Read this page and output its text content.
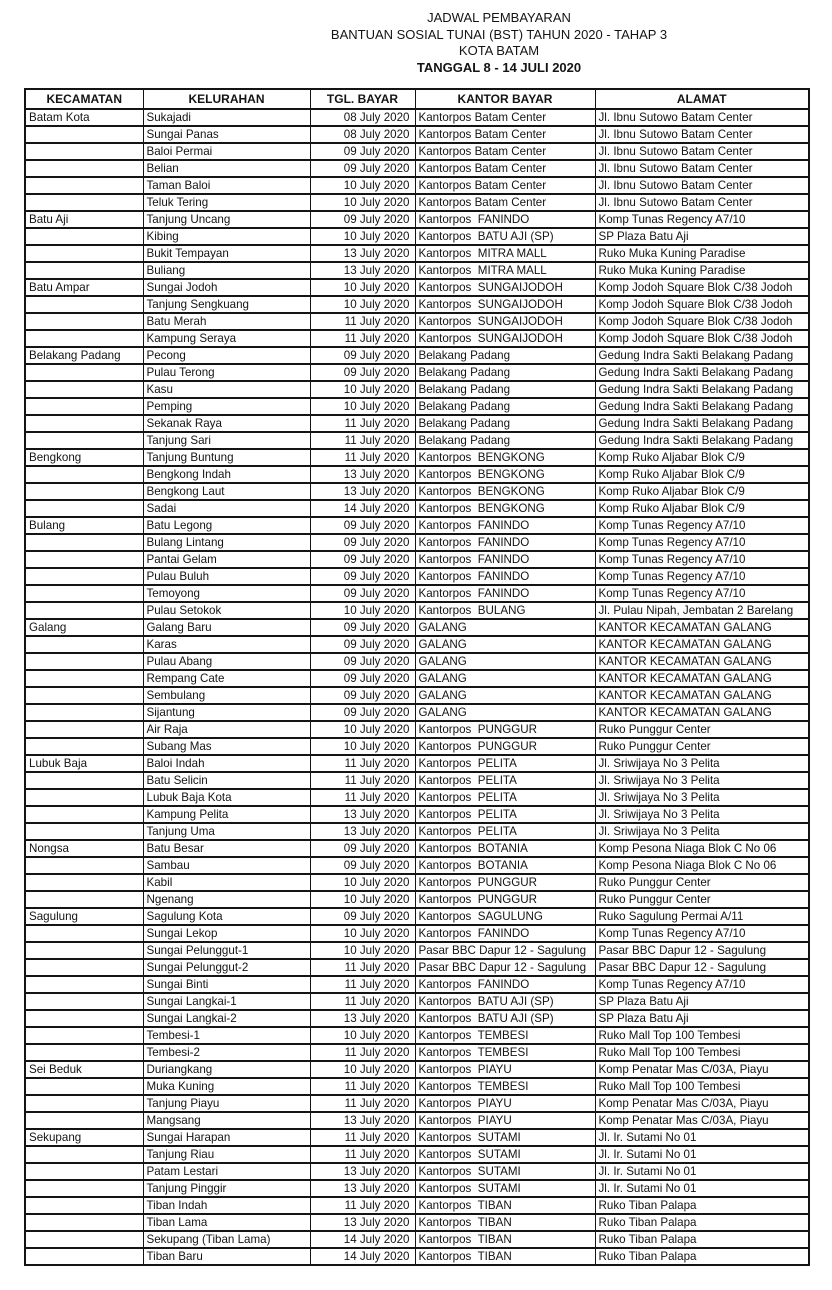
JADWAL PEMBAYARAN
BANTUAN SOSIAL TUNAI (BST) TAHUN 2020 - TAHAP 3
KOTA BATAM
TANGGAL 8 - 14 JULI 2020
KECAMATAN	KELURAHAN	TGL. BAYAR	KANTOR BAYAR	ALAMAT
Batam Kota	Sukajadi	08 July 2020	Kantorpos Batam Center	Jl. Ibnu Sutowo Batam Center
	Sungai Panas	08 July 2020	Kantorpos Batam Center	Jl. Ibnu Sutowo Batam Center
	Baloi Permai	09 July 2020	Kantorpos Batam Center	Jl. Ibnu Sutowo Batam Center
	Belian	09 July 2020	Kantorpos Batam Center	Jl. Ibnu Sutowo Batam Center
	Taman Baloi	10 July 2020	Kantorpos Batam Center	Jl. Ibnu Sutowo Batam Center
	Teluk Tering	10 July 2020	Kantorpos Batam Center	Jl. Ibnu Sutowo Batam Center
Batu Aji	Tanjung Uncang	09 July 2020	Kantorpos  FANINDO	Komp Tunas Regency A7/10
	Kibing	10 July 2020	Kantorpos  BATU AJI (SP)	SP Plaza Batu Aji
	Bukit Tempayan	13 July 2020	Kantorpos  MITRA MALL	Ruko Muka Kuning Paradise
	Buliang	13 July 2020	Kantorpos  MITRA MALL	Ruko Muka Kuning Paradise
Batu Ampar	Sungai Jodoh	10 July 2020	Kantorpos  SUNGAIJODOH	Komp Jodoh Square Blok C/38 Jodoh
	Tanjung Sengkuang	10 July 2020	Kantorpos  SUNGAIJODOH	Komp Jodoh Square Blok C/38 Jodoh
	Batu Merah	11 July 2020	Kantorpos  SUNGAIJODOH	Komp Jodoh Square Blok C/38 Jodoh
	Kampung Seraya	11 July 2020	Kantorpos  SUNGAIJODOH	Komp Jodoh Square Blok C/38 Jodoh
Belakang Padang	Pecong	09 July 2020	Belakang Padang	Gedung Indra Sakti Belakang Padang
	Pulau Terong	09 July 2020	Belakang Padang	Gedung Indra Sakti Belakang Padang
	Kasu	10 July 2020	Belakang Padang	Gedung Indra Sakti Belakang Padang
	Pemping	10 July 2020	Belakang Padang	Gedung Indra Sakti Belakang Padang
	Sekanak Raya	11 July 2020	Belakang Padang	Gedung Indra Sakti Belakang Padang
	Tanjung Sari	11 July 2020	Belakang Padang	Gedung Indra Sakti Belakang Padang
Bengkong	Tanjung Buntung	11 July 2020	Kantorpos  BENGKONG	Komp Ruko Aljabar Blok C/9
	Bengkong Indah	13 July 2020	Kantorpos  BENGKONG	Komp Ruko Aljabar Blok C/9
	Bengkong Laut	13 July 2020	Kantorpos  BENGKONG	Komp Ruko Aljabar Blok C/9
	Sadai	14 July 2020	Kantorpos  BENGKONG	Komp Ruko Aljabar Blok C/9
Bulang	Batu Legong	09 July 2020	Kantorpos  FANINDO	Komp Tunas Regency A7/10
	Bulang Lintang	09 July 2020	Kantorpos  FANINDO	Komp Tunas Regency A7/10
	Pantai Gelam	09 July 2020	Kantorpos  FANINDO	Komp Tunas Regency A7/10
	Pulau Buluh	09 July 2020	Kantorpos  FANINDO	Komp Tunas Regency A7/10
	Temoyong	09 July 2020	Kantorpos  FANINDO	Komp Tunas Regency A7/10
	Pulau Setokok	10 July 2020	Kantorpos  BULANG	Jl. Pulau Nipah, Jembatan 2 Barelang
Galang	Galang Baru	09 July 2020	GALANG	KANTOR KECAMATAN GALANG
	Karas	09 July 2020	GALANG	KANTOR KECAMATAN GALANG
	Pulau Abang	09 July 2020	GALANG	KANTOR KECAMATAN GALANG
	Rempang Cate	09 July 2020	GALANG	KANTOR KECAMATAN GALANG
	Sembulang	09 July 2020	GALANG	KANTOR KECAMATAN GALANG
	Sijantung	09 July 2020	GALANG	KANTOR KECAMATAN GALANG
	Air Raja	10 July 2020	Kantorpos  PUNGGUR	Ruko Punggur Center
	Subang Mas	10 July 2020	Kantorpos  PUNGGUR	Ruko Punggur Center
Lubuk Baja	Baloi Indah	11 July 2020	Kantorpos  PELITA	Jl. Sriwijaya No 3 Pelita
	Batu Selicin	11 July 2020	Kantorpos  PELITA	Jl. Sriwijaya No 3 Pelita
	Lubuk Baja Kota	11 July 2020	Kantorpos  PELITA	Jl. Sriwijaya No 3 Pelita
	Kampung Pelita	13 July 2020	Kantorpos  PELITA	Jl. Sriwijaya No 3 Pelita
	Tanjung Uma	13 July 2020	Kantorpos  PELITA	Jl. Sriwijaya No 3 Pelita
Nongsa	Batu Besar	09 July 2020	Kantorpos  BOTANIA	Komp Pesona Niaga Blok C No 06
	Sambau	09 July 2020	Kantorpos  BOTANIA	Komp Pesona Niaga Blok C No 06
	Kabil	10 July 2020	Kantorpos  PUNGGUR	Ruko Punggur Center
	Ngenang	10 July 2020	Kantorpos  PUNGGUR	Ruko Punggur Center
Sagulung	Sagulung Kota	09 July 2020	Kantorpos  SAGULUNG	Ruko Sagulung Permai A/11
	Sungai Lekop	10 July 2020	Kantorpos  FANINDO	Komp Tunas Regency A7/10
	Sungai Pelunggut-1	10 July 2020	Pasar BBC Dapur 12 - Sagulung	Pasar BBC Dapur 12 - Sagulung
	Sungai Pelunggut-2	11 July 2020	Pasar BBC Dapur 12 - Sagulung	Pasar BBC Dapur 12 - Sagulung
	Sungai Binti	11 July 2020	Kantorpos  FANINDO	Komp Tunas Regency A7/10
	Sungai Langkai-1	11 July 2020	Kantorpos  BATU AJI (SP)	SP Plaza Batu Aji
	Sungai Langkai-2	13 July 2020	Kantorpos  BATU AJI (SP)	SP Plaza Batu Aji
	Tembesi-1	10 July 2020	Kantorpos  TEMBESI	Ruko Mall Top 100 Tembesi
	Tembesi-2	11 July 2020	Kantorpos  TEMBESI	Ruko Mall Top 100 Tembesi
Sei Beduk	Duriangkang	10 July 2020	Kantorpos  PIAYU	Komp Penatar Mas C/03A, Piayu
	Muka Kuning	11 July 2020	Kantorpos  TEMBESI	Ruko Mall Top 100 Tembesi
	Tanjung Piayu	11 July 2020	Kantorpos  PIAYU	Komp Penatar Mas C/03A, Piayu
	Mangsang	13 July 2020	Kantorpos  PIAYU	Komp Penatar Mas C/03A, Piayu
Sekupang	Sungai Harapan	11 July 2020	Kantorpos  SUTAMI	Jl. Ir. Sutami No 01
	Tanjung Riau	11 July 2020	Kantorpos  SUTAMI	Jl. Ir. Sutami No 01
	Patam Lestari	13 July 2020	Kantorpos  SUTAMI	Jl. Ir. Sutami No 01
	Tanjung Pinggir	13 July 2020	Kantorpos  SUTAMI	Jl. Ir. Sutami No 01
	Tiban Indah	11 July 2020	Kantorpos  TIBAN	Ruko Tiban Palapa
	Tiban Lama	13 July 2020	Kantorpos  TIBAN	Ruko Tiban Palapa
	Sekupang (Tiban Lama)	14 July 2020	Kantorpos  TIBAN	Ruko Tiban Palapa
	Tiban Baru	14 July 2020	Kantorpos  TIBAN	Ruko Tiban Palapa
